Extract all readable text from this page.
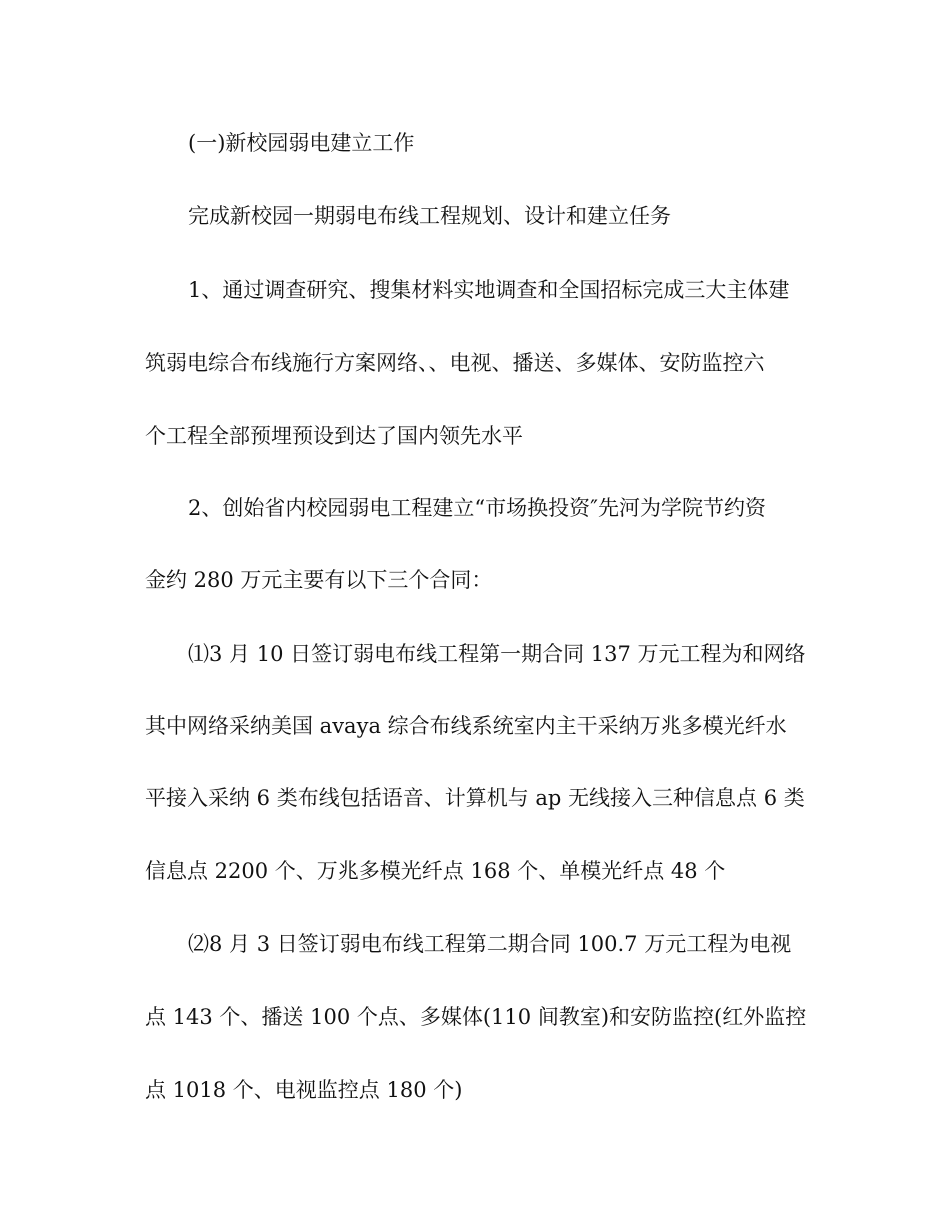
(一)新校园弱电建立工作

完成新校园一期弱电布线工程规划、设计和建立任务

1、通过调查研究、搜集材料实地调查和全国招标完成三大主体建

筑弱电综合布线施行方案网络、、电视、播送、多媒体、安防监控六

个工程全部预埋预设到达了国内领先水平

2、创始省内校园弱电工程建立“市场换投资″先河为学院节约资

金约 280 万元主要有以下三个合同：

⑴3 月 10 日签订弱电布线工程第一期合同 137 万元工程为和网络

其中网络采纳美国 avaya 综合布线系统室内主干采纳万兆多模光纤水

平接入采纳 6 类布线包括语音、计算机与 ap 无线接入三种信息点 6 类

信息点 2200 个、万兆多模光纤点 168 个、单模光纤点 48 个

⑵8 月 3 日签订弱电布线工程第二期合同 100.7 万元工程为电视

点 143 个、播送 100 个点、多媒体(110 间教室)和安防监控(红外监控

点 1018 个、电视监控点 180 个)
